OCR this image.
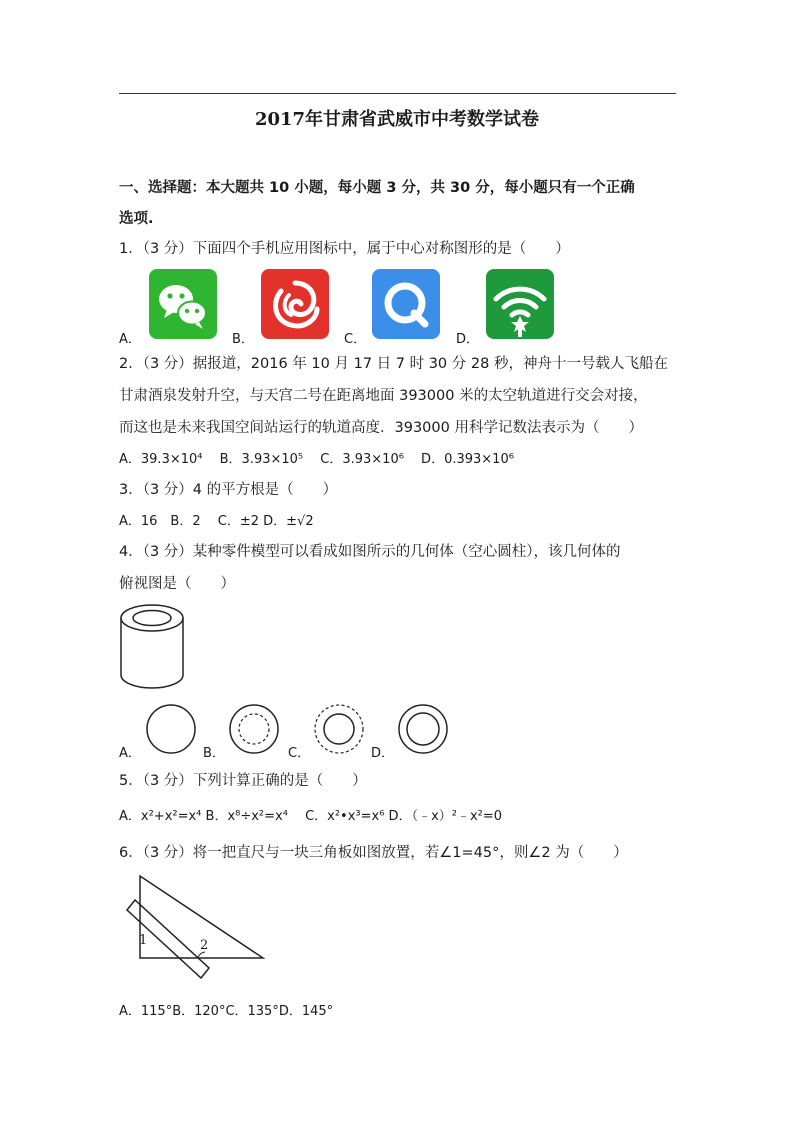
2017年甘肃省武威市中考数学试卷
一、选择题：本大题共 10 小题，每小题 3 分，共 30 分，每小题只有一个正确
选项.
1．（3 分）下面四个手机应用图标中，属于中心对称图形的是（　　）
A．	B．	C．	D．
2．（3 分）据报道，2016 年 10 月 17 日 7 时 30 分 28 秒，神舟十一号载人飞船在
甘肃酒泉发射升空，与天宫二号在距离地面 393000 米的太空轨道进行交会对接，
而这也是未来我国空间站运行的轨道高度．393000 用科学记数法表示为（　　）
A．39.3×10⁴　 B．3.93×10⁵　 C．3.93×10⁶　 D．0.393×10⁶
3．（3 分）4 的平方根是（　　）
A．16　B．2　 C．±2 D．±√2
4．（3 分）某种零件模型可以看成如图所示的几何体（空心圆柱），该几何体的
俯视图是（　　）
A．	B．	C．	D．
5．（3 分）下列计算正确的是（　　）
A．x²+x²=x⁴ B．x⁸÷x²=x⁴　 C．x²•x³=x⁶ D．（﹣x）²﹣x²=0
6．（3 分）将一把直尺与一块三角板如图放置，若∠1=45°，则∠2 为（　　）
1	2
A．115°B．120°C．135°D．145°
